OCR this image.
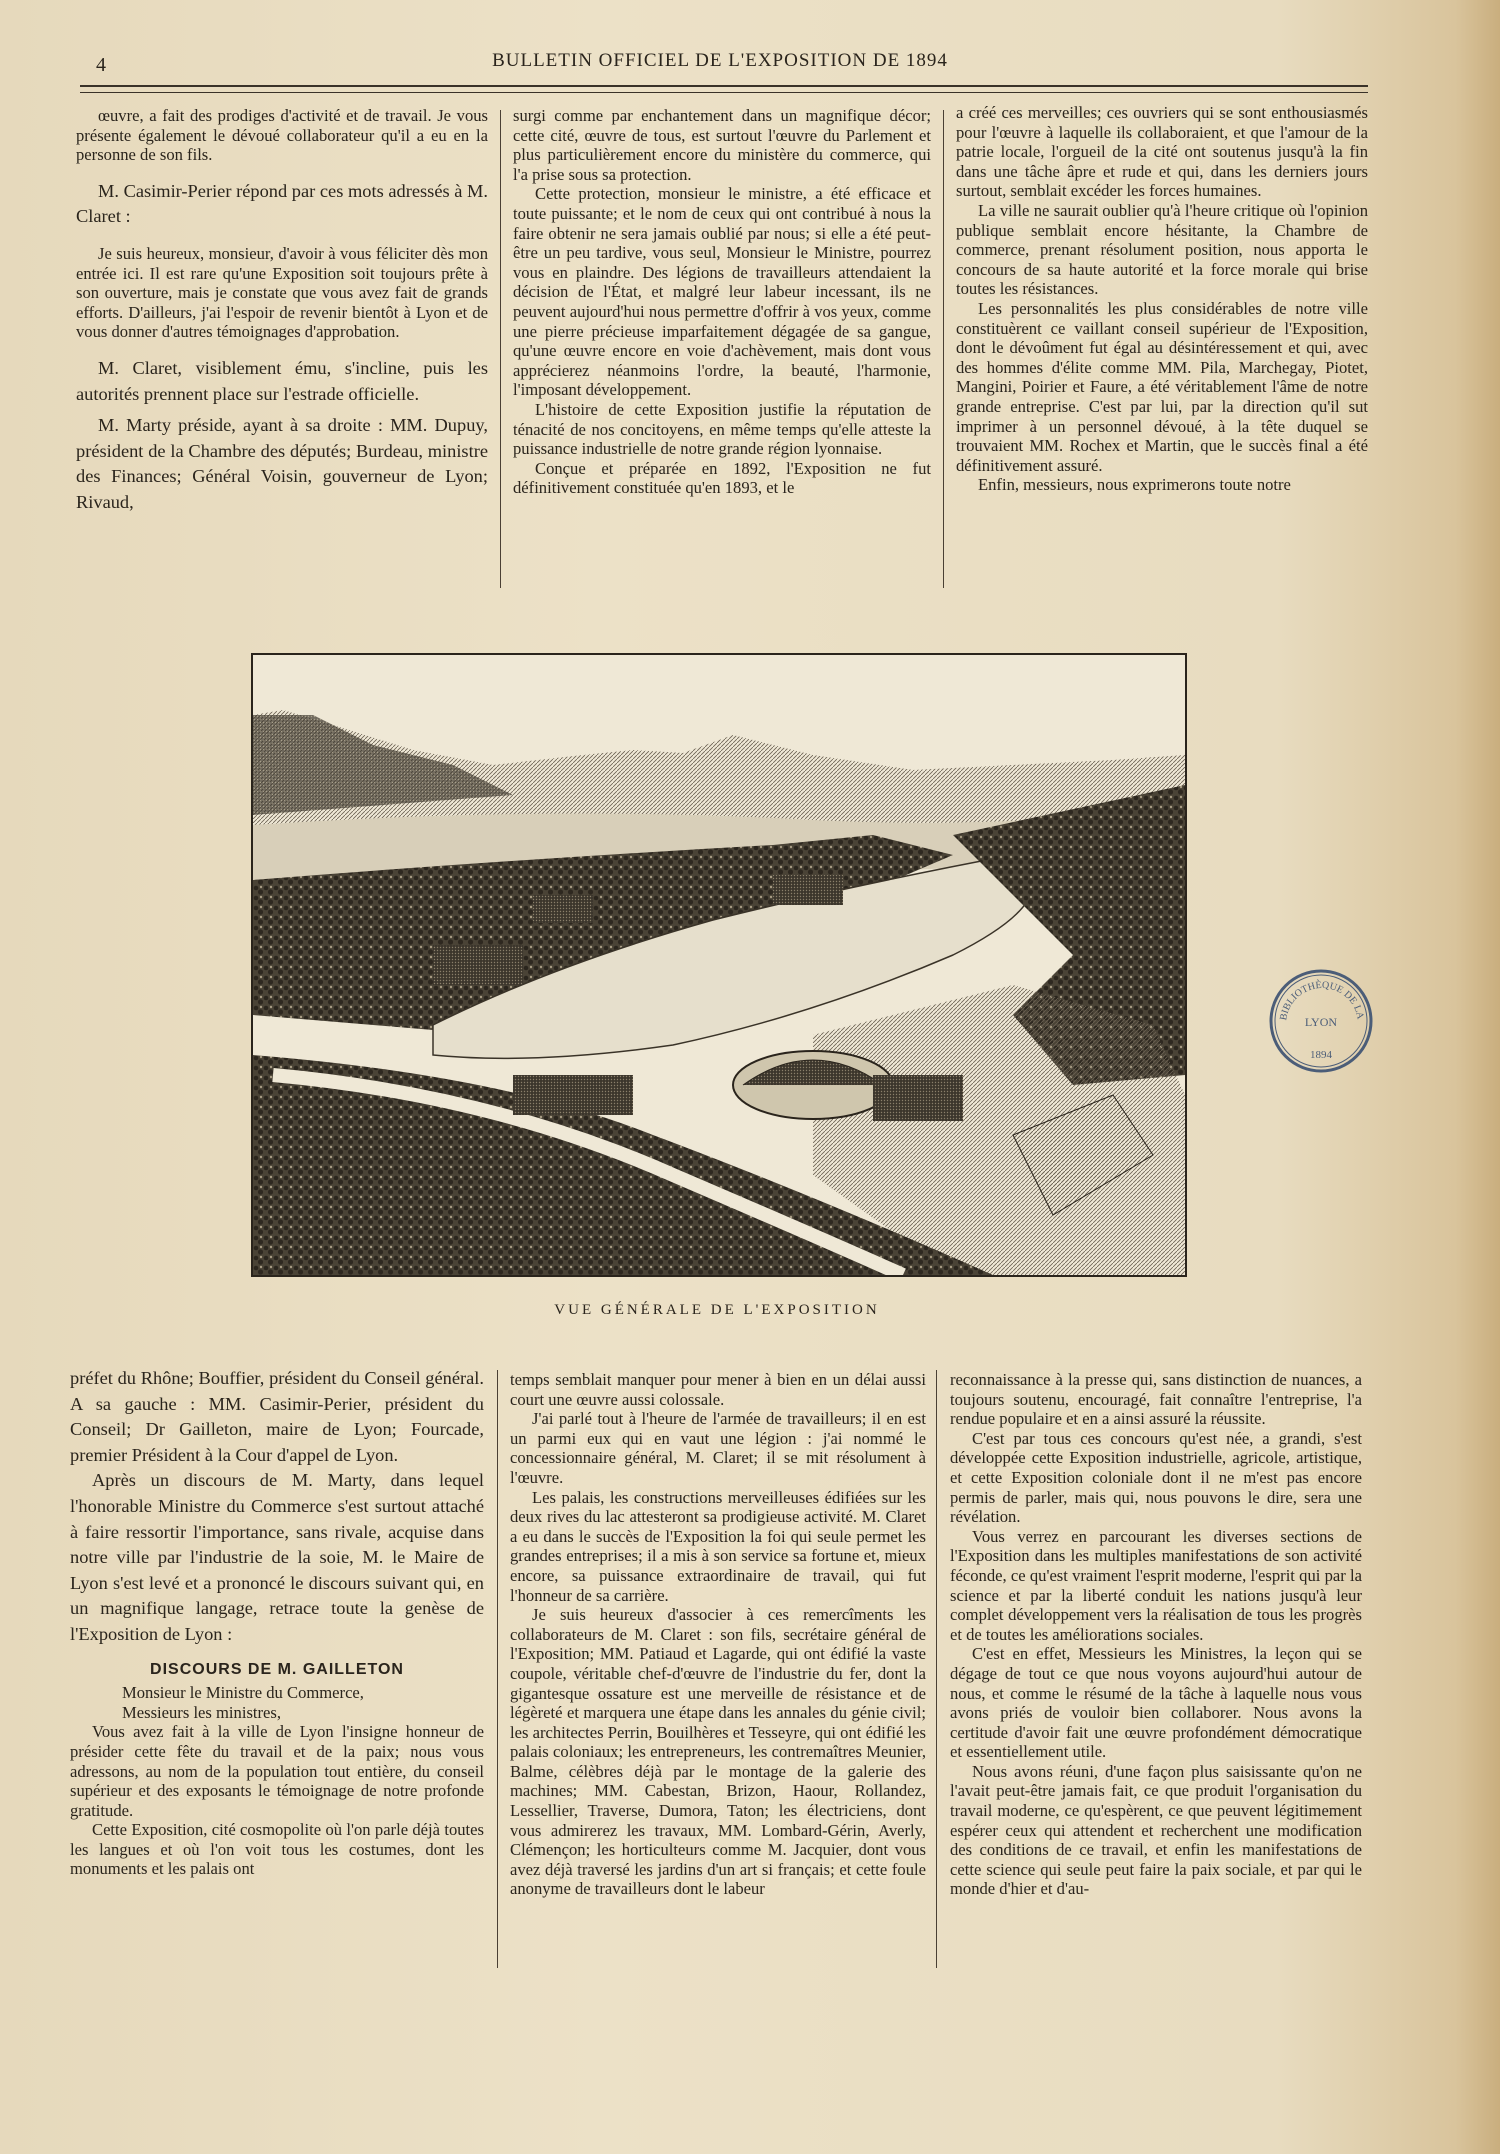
4	BULLETIN OFFICIEL DE L'EXPOSITION DE 1894

œuvre, a fait des prodiges d'activité et de travail. Je vous présente également le dévoué collaborateur qu'il a eu en la personne de son fils.

M. Casimir-Perier répond par ces mots adressés à M. Claret :

Je suis heureux, monsieur, d'avoir à vous féliciter dès mon entrée ici. Il est rare qu'une Exposition soit toujours prête à son ouverture, mais je constate que vous avez fait de grands efforts. D'ailleurs, j'ai l'espoir de revenir bientôt à Lyon et de vous donner d'autres témoignages d'approbation.

M. Claret, visiblement ému, s'incline, puis les autorités prennent place sur l'estrade officielle.

M. Marty préside, ayant à sa droite : MM. Dupuy, président de la Chambre des députés; Burdeau, ministre des Finances; Général Voisin, gouverneur de Lyon; Rivaud,

surgi comme par enchantement dans un magnifique décor; cette cité, œuvre de tous, est surtout l'œuvre du Parlement et plus particulièrement encore du ministère du commerce, qui l'a prise sous sa protection.

Cette protection, monsieur le ministre, a été efficace et toute puissante; et le nom de ceux qui ont contribué à nous la faire obtenir ne sera jamais oublié par nous; si elle a été peut-être un peu tardive, vous seul, Monsieur le Ministre, pourrez vous en plaindre. Des légions de travailleurs attendaient la décision de l'État, et malgré leur labeur incessant, ils ne peuvent aujourd'hui nous permettre d'offrir à vos yeux, comme une pierre précieuse imparfaitement dégagée de sa gangue, qu'une œuvre encore en voie d'achèvement, mais dont vous apprécierez néanmoins l'ordre, la beauté, l'harmonie, l'imposant développement.

L'histoire de cette Exposition justifie la réputation de ténacité de nos concitoyens, en même temps qu'elle atteste la puissance industrielle de notre grande région lyonnaise.

Conçue et préparée en 1892, l'Exposition ne fut définitivement constituée qu'en 1893, et le

a créé ces merveilles; ces ouvriers qui se sont enthousiasmés pour l'œuvre à laquelle ils collaboraient, et que l'amour de la patrie locale, l'orgueil de la cité ont soutenus jusqu'à la fin dans une tâche âpre et rude et qui, dans les derniers jours surtout, semblait excéder les forces humaines.

La ville ne saurait oublier qu'à l'heure critique où l'opinion publique semblait encore hésitante, la Chambre de commerce, prenant résolument position, nous apporta le concours de sa haute autorité et la force morale qui brise toutes les résistances.

Les personnalités les plus considérables de notre ville constituèrent ce vaillant conseil supérieur de l'Exposition, dont le dévoûment fut égal au désintéressement et qui, avec des hommes d'élite comme MM. Pila, Marchegay, Piotet, Mangini, Poirier et Faure, a été véritablement l'âme de notre grande entreprise. C'est par lui, par la direction qu'il sut imprimer à un personnel dévoué, à la tête duquel se trouvaient MM. Rochex et Martin, que le succès final a été définitivement assuré.

Enfin, messieurs, nous exprimerons toute notre

BIBLIOTHÈQUE DE LA
LYON
1894
VUE GÉNÉRALE DE L'EXPOSITION

préfet du Rhône; Bouffier, président du Conseil général. A sa gauche : MM. Casimir-Perier, président du Conseil; Dr Gailleton, maire de Lyon; Fourcade, premier Président à la Cour d'appel de Lyon.

Après un discours de M. Marty, dans lequel l'honorable Ministre du Commerce s'est surtout attaché à faire ressortir l'importance, sans rivale, acquise dans notre ville par l'industrie de la soie, M. le Maire de Lyon s'est levé et a prononcé le discours suivant qui, en un magnifique langage, retrace toute la genèse de l'Exposition de Lyon :

DISCOURS DE M. GAILLETON

Monsieur le Ministre du Commerce,

Messieurs les ministres,

Vous avez fait à la ville de Lyon l'insigne honneur de présider cette fête du travail et de la paix; nous vous adressons, au nom de la population tout entière, du conseil supérieur et des exposants le témoignage de notre profonde gratitude.

Cette Exposition, cité cosmopolite où l'on parle déjà toutes les langues et où l'on voit tous les costumes, dont les monuments et les palais ont

temps semblait manquer pour mener à bien en un délai aussi court une œuvre aussi colossale.

J'ai parlé tout à l'heure de l'armée de travailleurs; il en est un parmi eux qui en vaut une légion : j'ai nommé le concessionnaire général, M. Claret; il se mit résolument à l'œuvre.

Les palais, les constructions merveilleuses édifiées sur les deux rives du lac attesteront sa prodigieuse activité. M. Claret a eu dans le succès de l'Exposition la foi qui seule permet les grandes entreprises; il a mis à son service sa fortune et, mieux encore, sa puissance extraordinaire de travail, qui fut l'honneur de sa carrière.

Je suis heureux d'associer à ces remercîments les collaborateurs de M. Claret : son fils, secrétaire général de l'Exposition; MM. Patiaud et Lagarde, qui ont édifié la vaste coupole, véritable chef-d'œuvre de l'industrie du fer, dont la gigantesque ossature est une merveille de résistance et de légèreté et marquera une étape dans les annales du génie civil; les architectes Perrin, Bouilhères et Tesseyre, qui ont édifié les palais coloniaux; les entrepreneurs, les contremaîtres Meunier, Balme, célèbres déjà par le montage de la galerie des machines; MM. Cabestan, Brizon, Haour, Rollandez, Lessellier, Traverse, Dumora, Taton; les électriciens, dont vous admirerez les travaux, MM. Lombard-Gérin, Averly, Clémençon; les horticulteurs comme M. Jacquier, dont vous avez déjà traversé les jardins d'un art si français; et cette foule anonyme de travailleurs dont le labeur

reconnaissance à la presse qui, sans distinction de nuances, a toujours soutenu, encouragé, fait connaître l'entreprise, l'a rendue populaire et en a ainsi assuré la réussite.

C'est par tous ces concours qu'est née, a grandi, s'est développée cette Exposition industrielle, agricole, artistique, et cette Exposition coloniale dont il ne m'est pas encore permis de parler, mais qui, nous pouvons le dire, sera une révélation.

Vous verrez en parcourant les diverses sections de l'Exposition dans les multiples manifestations de son activité féconde, ce qu'est vraiment l'esprit moderne, l'esprit qui par la science et par la liberté conduit les nations jusqu'à leur complet développement vers la réalisation de tous les progrès et de toutes les améliorations sociales.

C'est en effet, Messieurs les Ministres, la leçon qui se dégage de tout ce que nous voyons aujourd'hui autour de nous, et comme le résumé de la tâche à laquelle nous vous avons priés de vouloir bien collaborer. Nous avons la certitude d'avoir fait une œuvre profondément démocratique et essentiellement utile.

Nous avons réuni, d'une façon plus saisissante qu'on ne l'avait peut-être jamais fait, ce que produit l'organisation du travail moderne, ce qu'espèrent, ce que peuvent légitimement espérer ceux qui attendent et recherchent une modification des conditions de ce travail, et enfin les manifestations de cette science qui seule peut faire la paix sociale, et par qui le monde d'hier et d'au-
